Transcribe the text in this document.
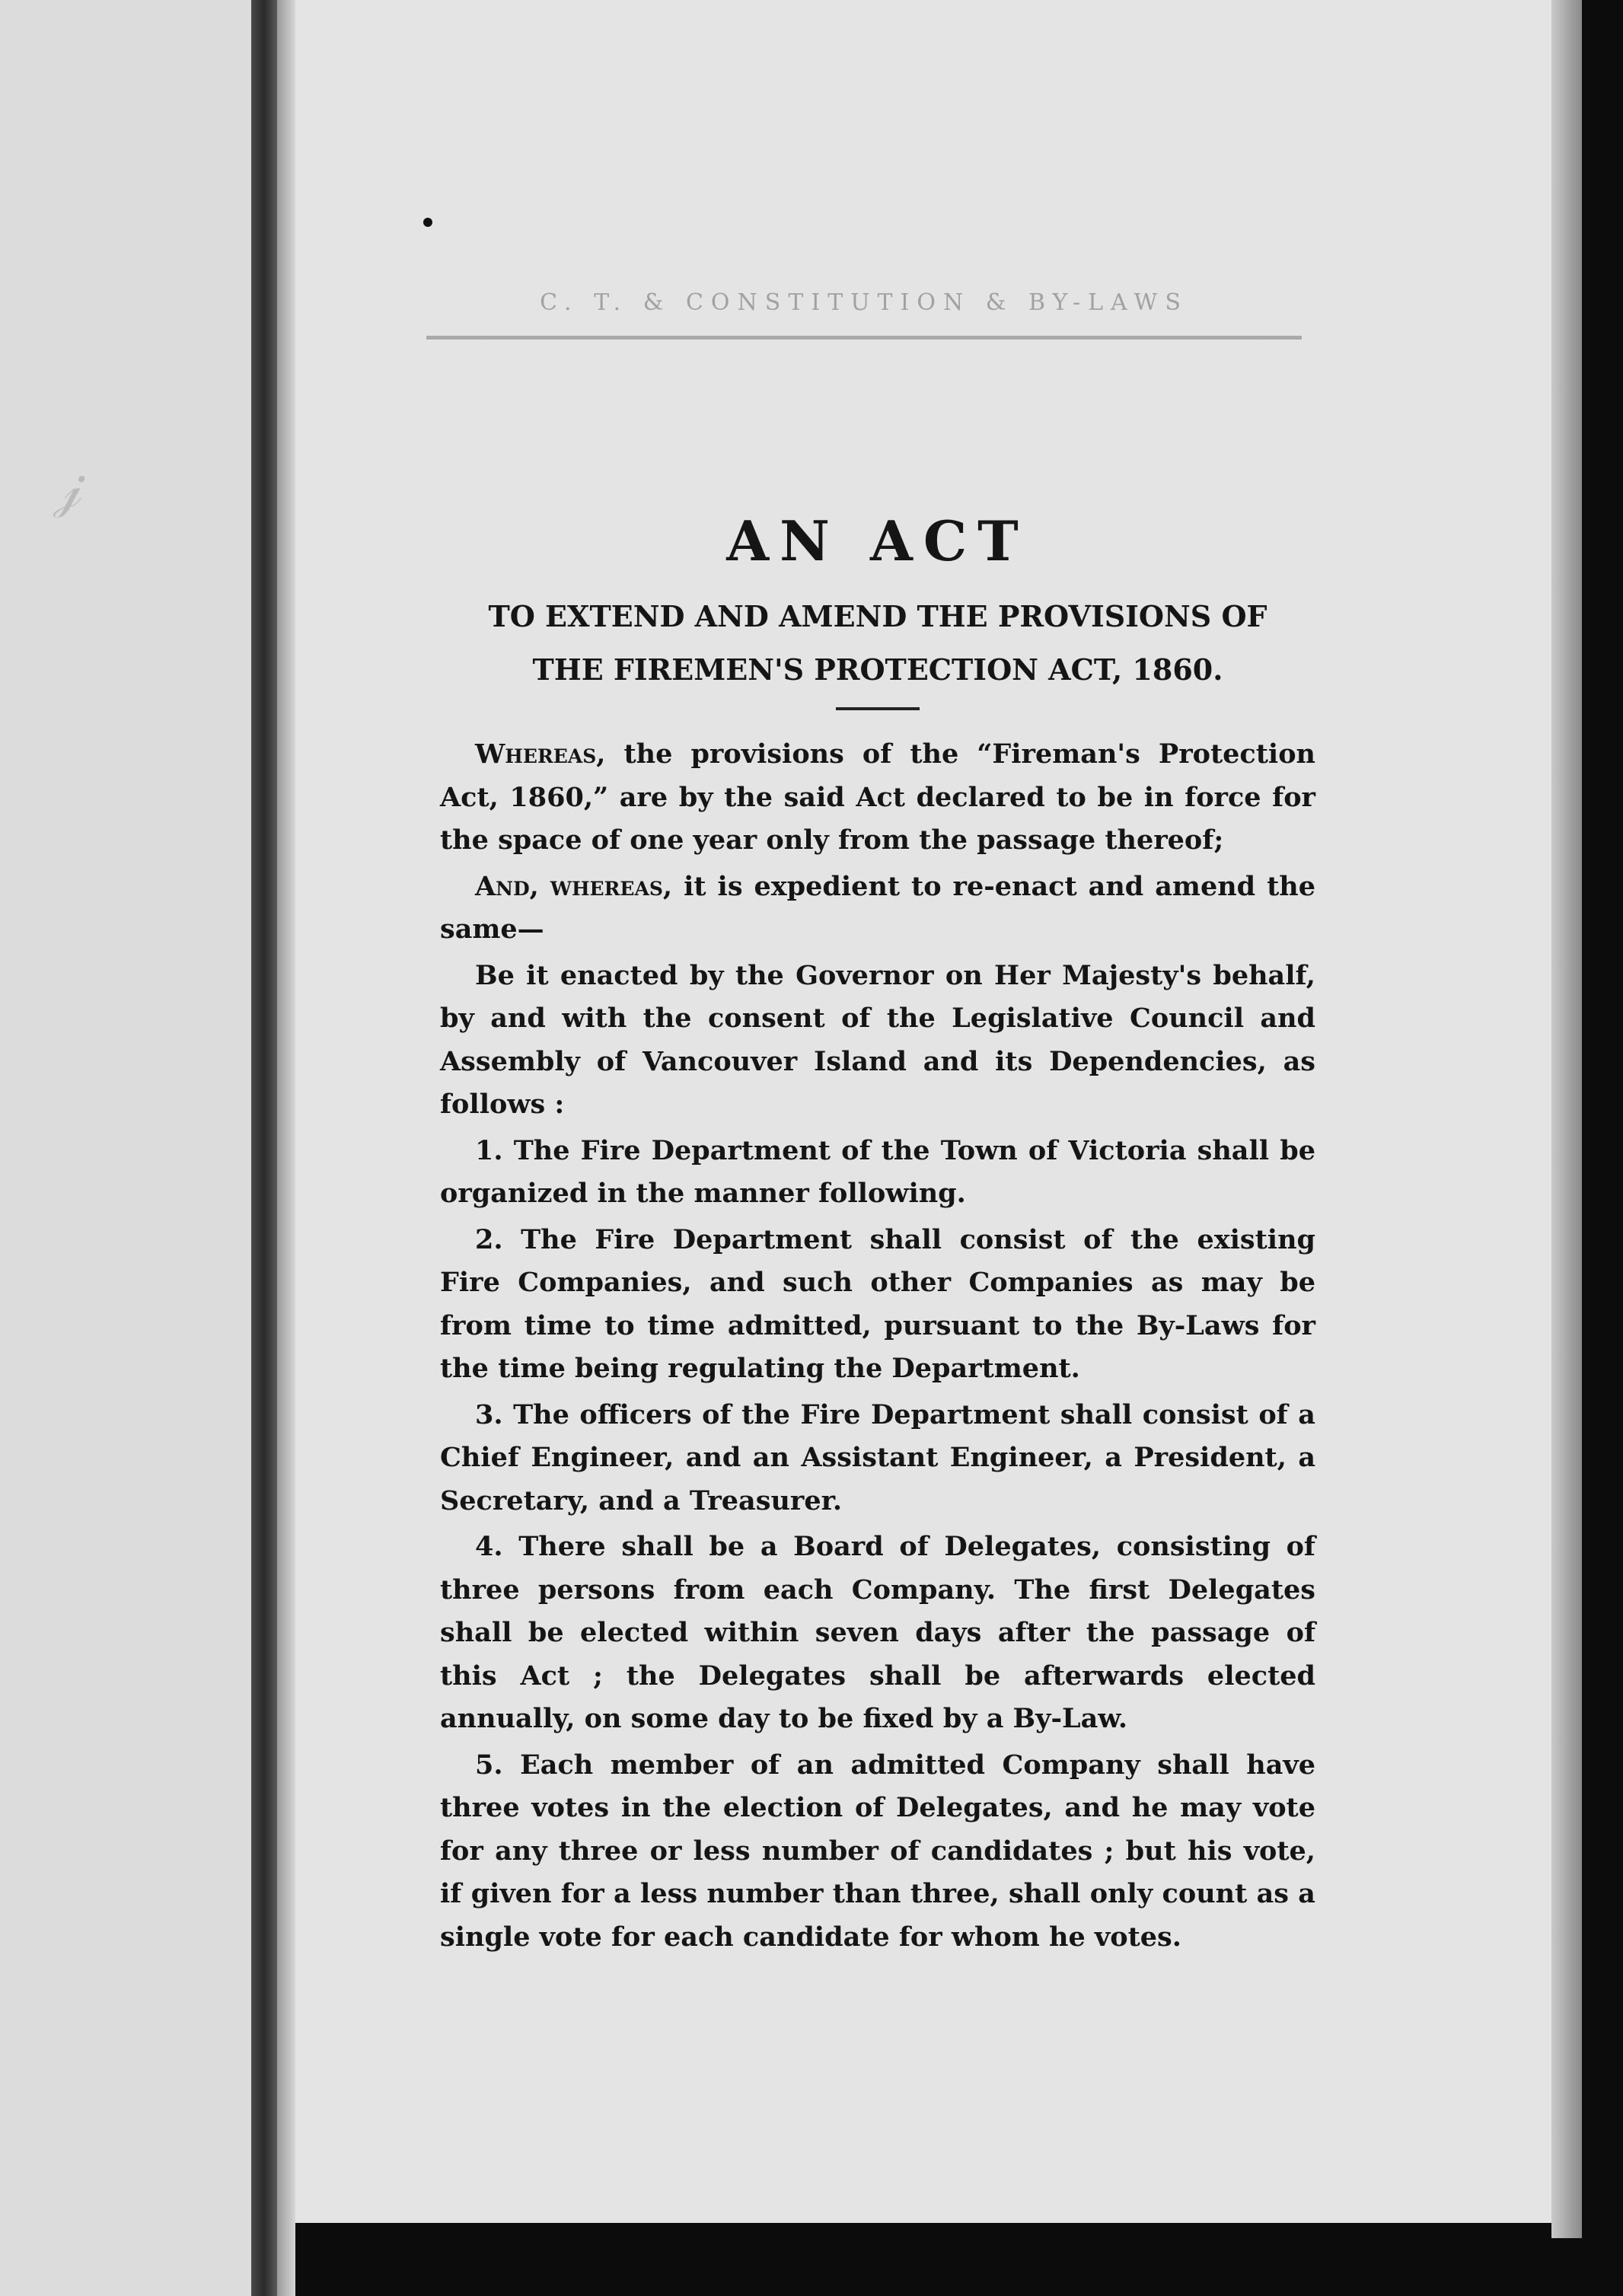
𝒿
C. T. & CONSTITUTION & BY-LAWS
AN ACT

TO EXTEND AND AMEND THE PROVISIONS OF

THE FIREMEN'S PROTECTION ACT, 1860.

Whereas, the provisions of the “Fireman's Protection Act, 1860,” are by the said Act declared to be in force for the space of one year only from the passage thereof;

And, whereas, it is expedient to re-enact and amend the same—

Be it enacted by the Governor on Her Majesty's behalf, by and with the consent of the Legislative Council and Assembly of Vancouver Island and its Dependencies, as follows :

1. The Fire Department of the Town of Victoria shall be organized in the manner following.

2. The Fire Department shall consist of the existing Fire Companies, and such other Companies as may be from time to time admitted, pursuant to the By-Laws for the time being regulating the Department.

3. The officers of the Fire Department shall consist of a Chief Engineer, and an Assistant Engineer, a President, a Secretary, and a Treasurer.

4. There shall be a Board of Delegates, consisting of three persons from each Company. The first Delegates shall be elected within seven days after the passage of this Act ; the Delegates shall be afterwards elected annually, on some day to be fixed by a By-Law.

5. Each member of an admitted Company shall have three votes in the election of Delegates, and he may vote for any three or less number of candidates ; but his vote, if given for a less number than three, shall only count as a single vote for each candidate for whom he votes.
